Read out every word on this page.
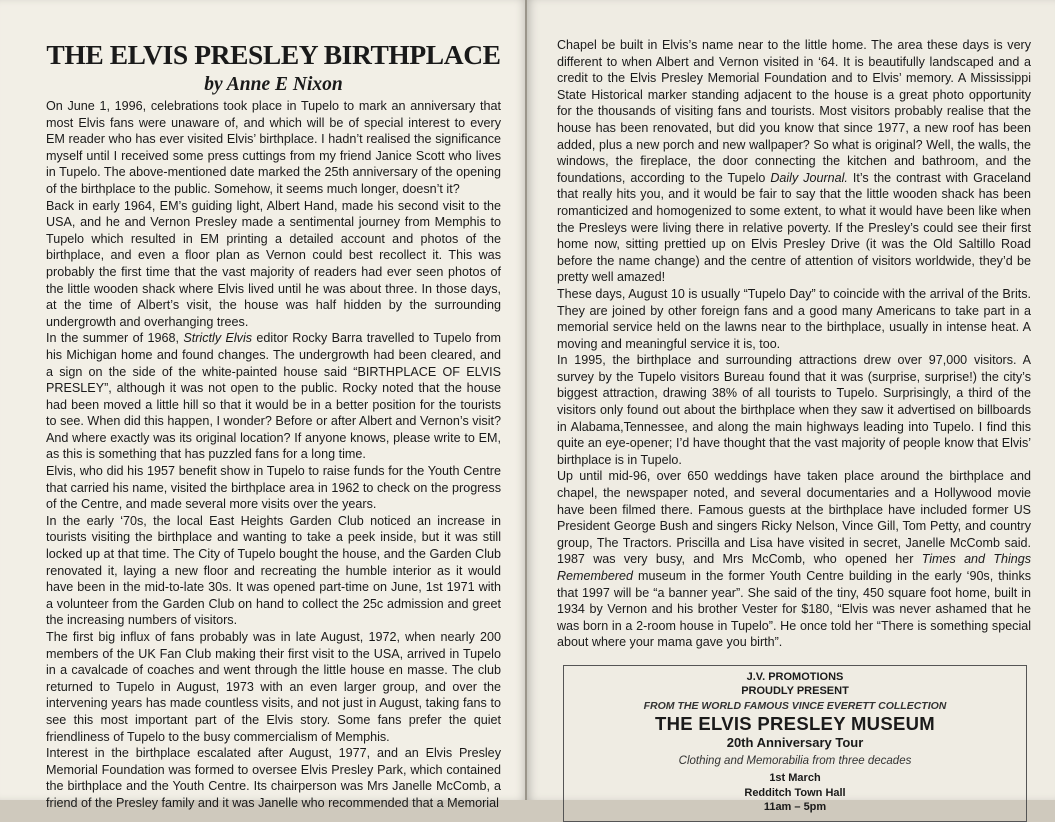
THE ELVIS PRESLEY BIRTHPLACE
by Anne E Nixon

On June 1, 1996, celebrations took place in Tupelo to mark an anniversary that most Elvis fans were unaware of, and which will be of special interest to every EM reader who has ever visited Elvis’ birthplace. I hadn’t realised the significance myself until I received some press cuttings from my friend Janice Scott who lives in Tupelo. The above-mentioned date marked the 25th anniversary of the opening of the birthplace to the public. Somehow, it seems much longer, doesn’t it?

Back in early 1964, EM’s guiding light, Albert Hand, made his second visit to the USA, and he and Vernon Presley made a sentimental journey from Memphis to Tupelo which resulted in EM printing a detailed account and photos of the birthplace, and even a floor plan as Vernon could best recollect it. This was probably the first time that the vast majority of readers had ever seen photos of the little wooden shack where Elvis lived until he was about three. In those days, at the time of Albert’s visit, the house was half hidden by the surrounding undergrowth and overhanging trees.

In the summer of 1968, Strictly Elvis editor Rocky Barra travelled to Tupelo from his Michigan home and found changes. The undergrowth had been cleared, and a sign on the side of the white-painted house said “BIRTHPLACE OF ELVIS PRESLEY”, although it was not open to the public. Rocky noted that the house had been moved a little hill so that it would be in a better position for the tourists to see. When did this happen, I wonder? Before or after Albert and Vernon’s visit? And where exactly was its original location? If anyone knows, please write to EM, as this is something that has puzzled fans for a long time.

Elvis, who did his 1957 benefit show in Tupelo to raise funds for the Youth Centre that carried his name, visited the birthplace area in 1962 to check on the progress of the Centre, and made several more visits over the years.

In the early ‘70s, the local East Heights Garden Club noticed an increase in tourists visiting the birthplace and wanting to take a peek inside, but it was still locked up at that time. The City of Tupelo bought the house, and the Garden Club renovated it, laying a new floor and recreating the humble interior as it would have been in the mid-to-late 30s. It was opened part-time on June, 1st 1971 with a volunteer from the Garden Club on hand to collect the 25c admission and greet the increasing numbers of visitors.

The first big influx of fans probably was in late August, 1972, when nearly 200 members of the UK Fan Club making their first visit to the USA, arrived in Tupelo in a cavalcade of coaches and went through the little house en masse. The club returned to Tupelo in August, 1973 with an even larger group, and over the intervening years has made countless visits, and not just in August, taking fans to see this most important part of the Elvis story. Some fans prefer the quiet friendliness of Tupelo to the busy commercialism of Memphis.

Interest in the birthplace escalated after August, 1977, and an Elvis Presley Memorial Foundation was formed to oversee Elvis Presley Park, which contained the birthplace and the Youth Centre. Its chairperson was Mrs Janelle McComb, a friend of the Presley family and it was Janelle who recommended that a Memorial

Chapel be built in Elvis’s name near to the little home. The area these days is very different to when Albert and Vernon visited in ‘64. It is beautifully landscaped and a credit to the Elvis Presley Memorial Foundation and to Elvis’ memory. A Mississippi State Historical marker standing adjacent to the house is a great photo opportunity for the thousands of visiting fans and tourists. Most visitors probably realise that the house has been renovated, but did you know that since 1977, a new roof has been added, plus a new porch and new wallpaper? So what is original? Well, the walls, the windows, the fireplace, the door connecting the kitchen and bathroom, and the foundations, according to the Tupelo Daily Journal. It’s the contrast with Graceland that really hits you, and it would be fair to say that the little wooden shack has been romanticized and homogenized to some extent, to what it would have been like when the Presleys were living there in relative poverty. If the Presley’s could see their first home now, sitting prettied up on Elvis Presley Drive (it was the Old Saltillo Road before the name change) and the centre of attention of visitors worldwide, they’d be pretty well amazed!

These days, August 10 is usually “Tupelo Day” to coincide with the arrival of the Brits. They are joined by other foreign fans and a good many Americans to take part in a memorial service held on the lawns near to the birthplace, usually in intense heat. A moving and meaningful service it is, too.

In 1995, the birthplace and surrounding attractions drew over 97,000 visitors. A survey by the Tupelo visitors Bureau found that it was (surprise, surprise!) the city’s biggest attraction, drawing 38% of all tourists to Tupelo. Surprisingly, a third of the visitors only found out about the birthplace when they saw it advertised on billboards in Alabama,Tennessee, and along the main highways leading into Tupelo. I find this quite an eye-opener; I’d have thought that the vast majority of people know that Elvis’ birthplace is in Tupelo.

Up until mid-96, over 650 weddings have taken place around the birthplace and chapel, the newspaper noted, and several documentaries and a Hollywood movie have been filmed there. Famous guests at the birthplace have included former US President George Bush and singers Ricky Nelson, Vince Gill, Tom Petty, and country group, The Tractors. Priscilla and Lisa have visited in secret, Janelle McComb said. 1987 was very busy, and Mrs McComb, who opened her Times and Things Remembered museum in the former Youth Centre building in the early ‘90s, thinks that 1997 will be “a banner year”. She said of the tiny, 450 square foot home, built in 1934 by Vernon and his brother Vester for $180, “Elvis was never ashamed that he was born in a 2-room house in Tupelo”. He once told her “There is something special about where your mama gave you birth”.

J.V. PROMOTIONS
PROUDLY PRESENT
FROM THE WORLD FAMOUS VINCE EVERETT COLLECTION
THE ELVIS PRESLEY MUSEUM
20th Anniversary Tour
Clothing and Memorabilia from three decades
1st March
Redditch Town Hall
11am – 5pm
